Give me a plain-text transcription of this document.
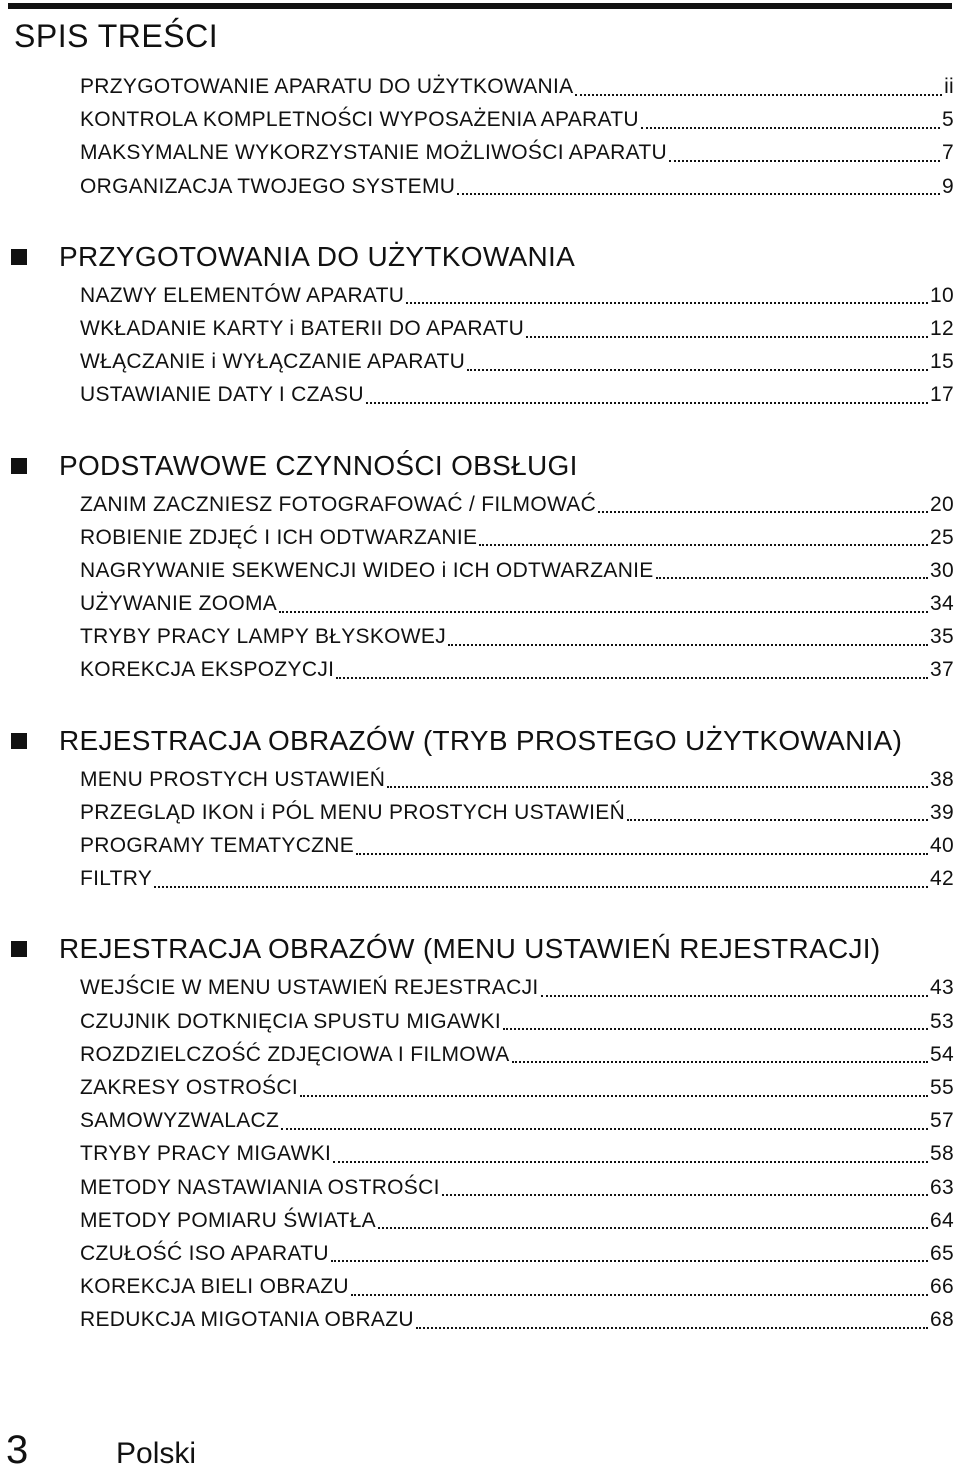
SPIS TREŚCI
PRZYGOTOWANIE APARATU DO UŻYTKOWANIA	ii
KONTROLA KOMPLETNOŚCI WYPOSAŻENIA APARATU	5
MAKSYMALNE WYKORZYSTANIE MOŻLIWOŚCI APARATU	7
ORGANIZACJA TWOJEGO SYSTEMU	9
PRZYGOTOWANIA DO UŻYTKOWANIA
NAZWY ELEMENTÓW APARATU	10
WKŁADANIE KARTY i BATERII DO APARATU	12
WŁĄCZANIE i WYŁĄCZANIE APARATU	15
USTAWIANIE DATY I CZASU	17
PODSTAWOWE CZYNNOŚCI OBSŁUGI
ZANIM ZACZNIESZ FOTOGRAFOWAĆ / FILMOWAĆ	20
ROBIENIE ZDJĘĆ I ICH ODTWARZANIE	25
NAGRYWANIE SEKWENCJI WIDEO i ICH ODTWARZANIE	30
UŻYWANIE ZOOMA	34
TRYBY PRACY LAMPY BŁYSKOWEJ	35
KOREKCJA EKSPOZYCJI	37
REJESTRACJA OBRAZÓW (TRYB PROSTEGO UŻYTKOWANIA)
MENU PROSTYCH USTAWIEŃ	38
PRZEGLĄD IKON i PÓL MENU PROSTYCH USTAWIEŃ	39
PROGRAMY TEMATYCZNE	40
FILTRY	42
REJESTRACJA OBRAZÓW (MENU USTAWIEŃ REJESTRACJI)
WEJŚCIE W MENU USTAWIEŃ REJESTRACJI	43
CZUJNIK DOTKNIĘCIA SPUSTU MIGAWKI	53
ROZDZIELCZOŚĆ ZDJĘCIOWA I FILMOWA	54
ZAKRESY OSTROŚCI	55
SAMOWYZWALACZ	57
TRYBY PRACY MIGAWKI	58
METODY NASTAWIANIA OSTROŚCI	63
METODY POMIARU ŚWIATŁA	64
CZUŁOŚĆ ISO APARATU	65
KOREKCJA BIELI OBRAZU	66
REDUKCJA MIGOTANIA OBRAZU	68
3	Polski
